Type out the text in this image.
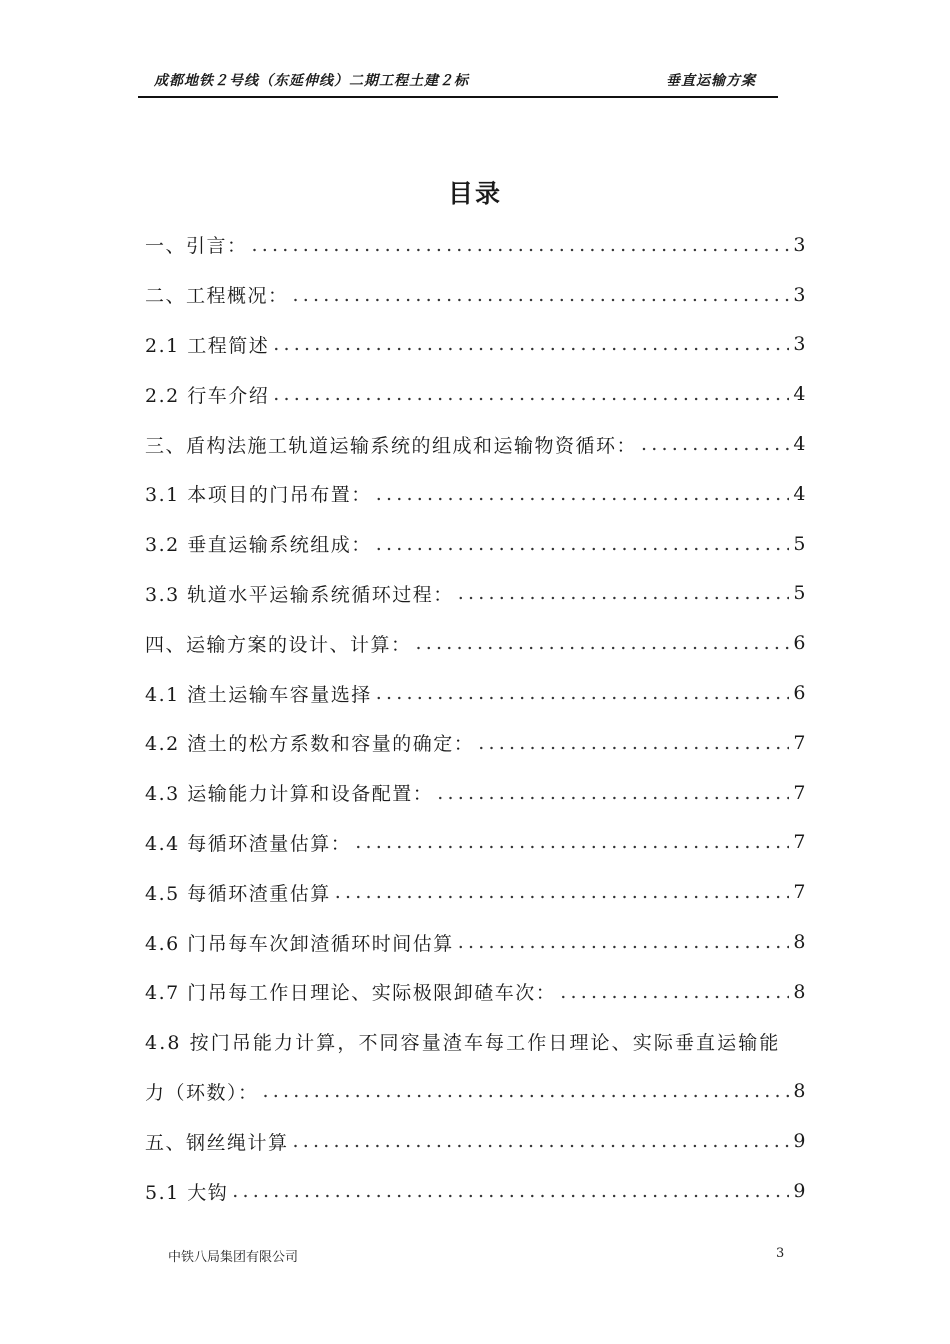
成都地铁２号线（东延伸线）二期工程土建２标	垂直运输方案
目录
一、引言： .....	3
二、工程概况： .....	3
2.1 工程简述 .....	3
2.2 行车介绍 .....	4
三、盾构法施工轨道运输系统的组成和运输物资循环： .....	4
3.1 本项目的门吊布置： .....	4
3.2 垂直运输系统组成： .....	5
3.3 轨道水平运输系统循环过程： .....	5
四、运输方案的设计、计算： .....	6
4.1 渣土运输车容量选择 .....	6
4.2 渣土的松方系数和容量的确定： .....	7
4.3 运输能力计算和设备配置： .....	7
4.4 每循环渣量估算： .....	7
4.5 每循环渣重估算 .....	7
4.6 门吊每车次卸渣循环时间估算 .....	8
4.7 门吊每工作日理论、实际极限卸碴车次： .....	8
4.8 按门吊能力计算，不同容量渣车每工作日理论、实际垂直运输能
力（环数）： .....	8
五、钢丝绳计算 .....	9
5.1 大钩 .....	9
中铁八局集团有限公司	3
